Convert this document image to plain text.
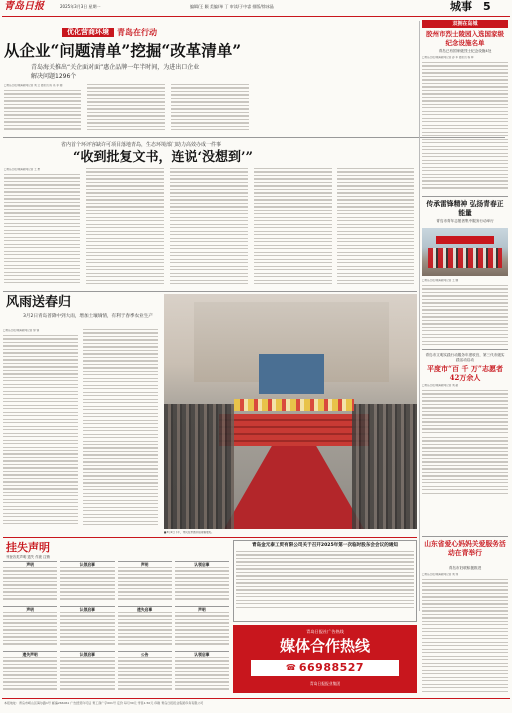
青岛日报	2025年3月3日 星期一	编辑/王 颖 美编/单 丁 审读/于中睿 排版/徐冰晶	城事 5
优化营商环境	青岛在行动
从企业“问题清单”挖掘“改革清单”
青岛海关推出“关企面对面”惠企品牌一年半时间，为进出口企业
解决问题1296个
□青岛日报/观海新闻记者 刘 立 通讯员 陈 亮 李 刚
双拥在岛城
胶州市烈士陵园入选国家级纪念设施名单
青岛已有国家级烈士纪念设施4处
□青岛日报/观海新闻记者 孙 军 通讯员 杨 辉
省内首个环评容缺许可项目落地青岛，生态环境部门助力高效办成一件事
“收到批复文书，连说‘没想到’”
□青岛日报/观海新闻记者 王 勇
风雨送春归
3月2日青岛普降中到大雨，增加土壤墒情，有利于春季农业生产
□青岛日报/观海新闻记者 徐 睿
■3月2日下午，市民在市图书馆观看展览。
传承雷锋精神 弘扬青春正能量
青岛市青年志愿者集中服务行动举行
□青岛日报/观海新闻记者 王 娜
青岛市文明实践行动服务年度收官，第三代市级实践活动启动
平度市“百 千 万”志愿者42万余人
□青岛日报/观海新闻记者 刘 超
山东省爱心妈妈关爱服务活动在青举行
青岛市妇联积极推进
□青岛日报/观海新闻记者 刘 伟
挂失声明
刊登各类声明 遗失 作废 注销
声明	认领启事	声明	认领启事
声明	认领启事	遗失启事	声明
遗失声明	认领启事	公告	认领启事
青岛金元泰工贸有限公司关于召开2025年第一次临时股东会会议的通知
青岛日报社广告热线
媒体合作热线
☎ 66988527
青岛日报报业集团
本报地址：青岛市崂山区海尔路1号 邮编266061 广告经营许可证 青工商广字001号 定价 每月30元 零售1.50元 印刷 青岛日报报业集团印务有限公司
